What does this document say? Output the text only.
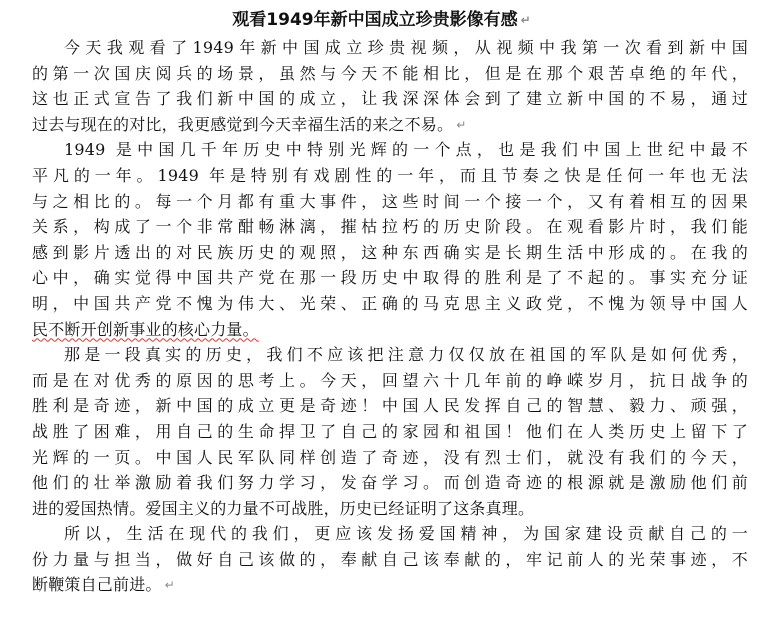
观看1949年新中国成立珍贵影像有感 ↵
今天我观看了1949年新中国成立珍贵视频，从视频中我第一次看到新中国
的第一次国庆阅兵的场景，虽然与今天不能相比，但是在那个艰苦卓绝的年代，
这也正式宣告了我们新中国的成立，让我深深体会到了建立新中国的不易，通过
过去与现在的对比，我更感觉到今天幸福生活的来之不易。 ↵
1949 是中国几千年历史中特别光辉的一个点，也是我们中国上世纪中最不
平凡的一年。1949 年是特别有戏剧性的一年，而且节奏之快是任何一年也无法
与之相比的。每一个月都有重大事件，这些时间一个接一个，又有着相互的因果
关系，构成了一个非常酣畅淋漓，摧枯拉朽的历史阶段。在观看影片时，我们能
感到影片透出的对民族历史的观照，这种东西确实是长期生活中形成的。在我的
心中，确实觉得中国共产党在那一段历史中取得的胜利是了不起的。事实充分证
明，中国共产党不愧为伟大、光荣、正确的马克思主义政党，不愧为领导中国人
民不断开创新事业的核心力量。
那是一段真实的历史，我们不应该把注意力仅仅放在祖国的军队是如何优秀，
而是在对优秀的原因的思考上。今天，回望六十几年前的峥嵘岁月，抗日战争的
胜利是奇迹，新中国的成立更是奇迹！中国人民发挥自己的智慧、毅力、顽强，
战胜了困难，用自己的生命捍卫了自己的家园和祖国！他们在人类历史上留下了
光辉的一页。中国人民军队同样创造了奇迹，没有烈士们，就没有我们的今天，
他们的壮举激励着我们努力学习，发奋学习。而创造奇迹的根源就是激励他们前
进的爱国热情。爱国主义的力量不可战胜，历史已经证明了这条真理。
所以，生活在现代的我们，更应该发扬爱国精神，为国家建设贡献自己的一
份力量与担当，做好自己该做的，奉献自己该奉献的，牢记前人的光荣事迹，不
断鞭策自己前进。 ↵
